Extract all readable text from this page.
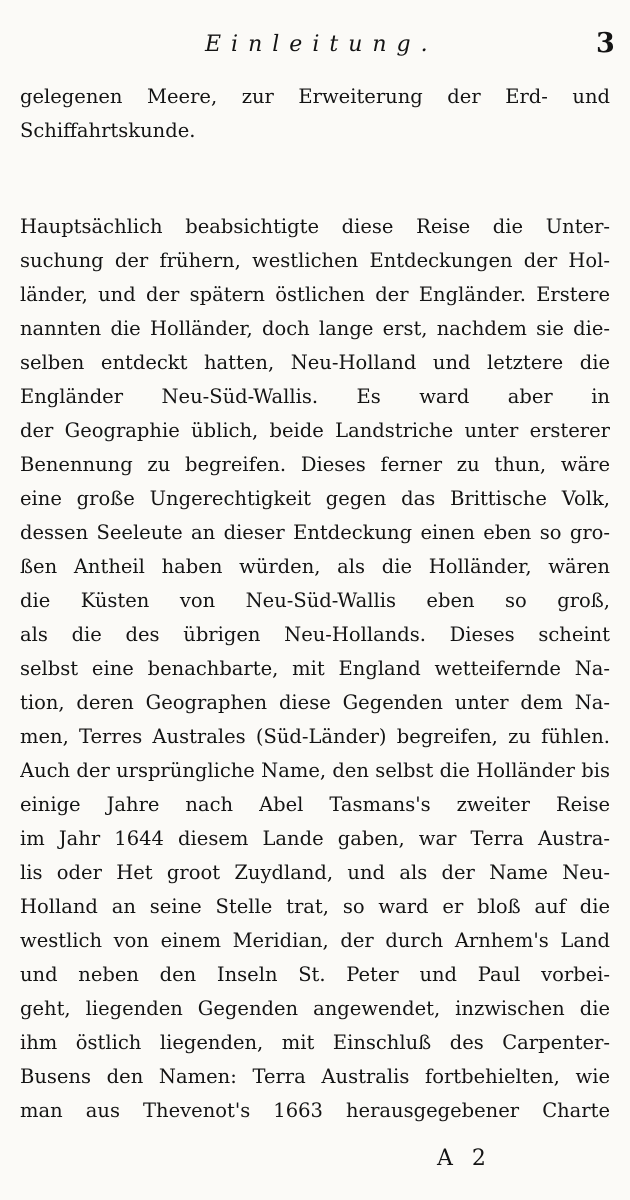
Einleitung.	3
gelegenen Meere, zur Erweiterung der Erd- und
Schiffahrtskunde.
Hauptsächlich beabsichtigte diese Reise die Unter-
suchung der frühern, westlichen Entdeckungen der Hol-
länder, und der spätern östlichen der Engländer. Erstere
nannten die Holländer, doch lange erst, nachdem sie die-
selben entdeckt hatten, Neu-Holland und letztere die
Engländer Neu-Süd-Wallis. Es ward aber in
der Geographie üblich, beide Landstriche unter ersterer
Benennung zu begreifen. Dieses ferner zu thun, wäre
eine große Ungerechtigkeit gegen das Brittische Volk,
dessen Seeleute an dieser Entdeckung einen eben so gro-
ßen Antheil haben würden, als die Holländer, wären
die Küsten von Neu-Süd-Wallis eben so groß,
als die des übrigen Neu-Hollands. Dieses scheint
selbst eine benachbarte, mit England wetteifernde Na-
tion, deren Geographen diese Gegenden unter dem Na-
men, Terres Australes (Süd-Länder) begreifen, zu fühlen.
Auch der ursprüngliche Name, den selbst die Holländer bis
einige Jahre nach Abel Tasmans's zweiter Reise
im Jahr 1644 diesem Lande gaben, war Terra Austra-
lis oder Het groot Zuydland, und als der Name Neu-
Holland an seine Stelle trat, so ward er bloß auf die
westlich von einem Meridian, der durch Arnhem's Land
und neben den Inseln St. Peter und Paul vorbei-
geht, liegenden Gegenden angewendet, inzwischen die
ihm östlich liegenden, mit Einschluß des Carpenter-
Busens den Namen: Terra Australis fortbehielten, wie
man aus Thevenot's 1663 herausgegebener Charte
A 2
